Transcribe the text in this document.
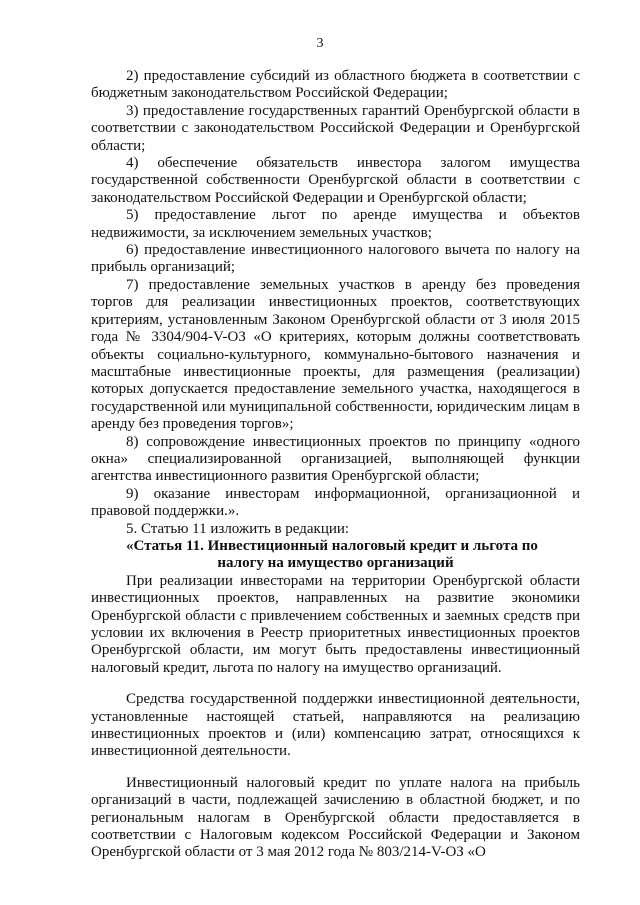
3

2) предоставление субсидий из областного бюджета в соответствии с бюджетным законодательством Российской Федерации;

3) предоставление государственных гарантий Оренбургской области в соответствии с законодательством Российской Федерации и Оренбургской области;

4) обеспечение обязательств инвестора залогом имущества государственной собственности Оренбургской области в соответствии с законодательством Российской Федерации и Оренбургской области;

5) предоставление льгот по аренде имущества и объектов недвижимости, за исключением земельных участков;

6) предоставление инвестиционного налогового вычета по налогу на прибыль организаций;

7) предоставление земельных участков в аренду без проведения торгов для реализации инвестиционных проектов, соответствующих критериям, установленным Законом Оренбургской области от 3 июля 2015 года № 3304/904-V-ОЗ «О критериях, которым должны соответствовать объекты социально-культурного, коммунально-бытового назначения и масштабные инвестиционные проекты, для размещения (реализации) которых допускается предоставление земельного участка, находящегося в государственной или муниципальной собственности, юридическим лицам в аренду без проведения торгов»;

8) сопровождение инвестиционных проектов по принципу «одного окна» специализированной организацией, выполняющей функции агентства инвестиционного развития Оренбургской области;

9) оказание инвесторам информационной, организационной и правовой поддержки.».

5. Статью 11 изложить в редакции:

«Статья 11. Инвестиционный налоговый кредит и льгота по

налогу на имущество организаций

При реализации инвесторами на территории Оренбургской области инвестиционных проектов, направленных на развитие экономики Оренбургской области с привлечением собственных и заемных средств при условии их включения в Реестр приоритетных инвестиционных проектов Оренбургской области, им могут быть предоставлены инвестиционный налоговый кредит, льгота по налогу на имущество организаций.

Средства государственной поддержки инвестиционной деятельности, установленные настоящей статьей, направляются на реализацию инвестиционных проектов и (или) компенсацию затрат, относящихся к инвестиционной деятельности.

Инвестиционный налоговый кредит по уплате налога на прибыль организаций в части, подлежащей зачислению в областной бюджет, и по региональным налогам в Оренбургской области предоставляется в соответствии с Налоговым кодексом Российской Федерации и Законом Оренбургской области от 3 мая 2012 года № 803/214-V-ОЗ «О
